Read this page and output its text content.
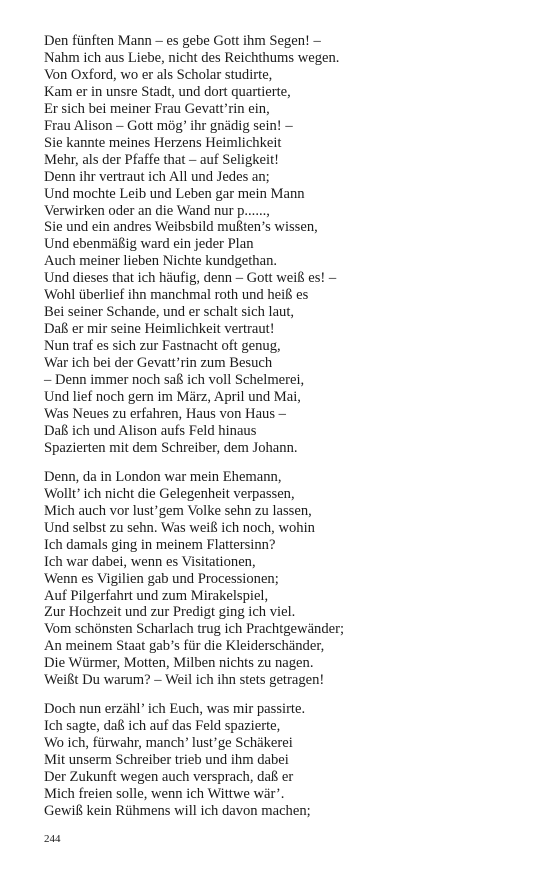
Den fünften Mann – es gebe Gott ihm Segen! –
Nahm ich aus Liebe, nicht des Reichthums wegen.
Von Oxford, wo er als Scholar studirte,
Kam er in unsre Stadt, und dort quartierte,
Er sich bei meiner Frau Gevatt’rin ein,
Frau Alison – Gott mög’ ihr gnädig sein! –
Sie kannte meines Herzens Heimlichkeit
Mehr, als der Pfaffe that – auf Seligkeit!
Denn ihr vertraut ich All und Jedes an;
Und mochte Leib und Leben gar mein Mann
Verwirken oder an die Wand nur p......,
Sie und ein andres Weibsbild mußten’s wissen,
Und ebenmäßig ward ein jeder Plan
Auch meiner lieben Nichte kundgethan.
Und dieses that ich häufig, denn – Gott weiß es! –
Wohl überlief ihn manchmal roth und heiß es
Bei seiner Schande, und er schalt sich laut,
Daß er mir seine Heimlichkeit vertraut!
Nun traf es sich zur Fastnacht oft genug,
War ich bei der Gevatt’rin zum Besuch
– Denn immer noch saß ich voll Schelmerei,
Und lief noch gern im März, April und Mai,
Was Neues zu erfahren, Haus von Haus –
Daß ich und Alison aufs Feld hinaus
Spazierten mit dem Schreiber, dem Johann.
Denn, da in London war mein Ehemann,
Wollt’ ich nicht die Gelegenheit verpassen,
Mich auch vor lust’gem Volke sehn zu lassen,
Und selbst zu sehn. Was weiß ich noch, wohin
Ich damals ging in meinem Flattersinn?
Ich war dabei, wenn es Visitationen,
Wenn es Vigilien gab und Processionen;
Auf Pilgerfahrt und zum Mirakelspiel,
Zur Hochzeit und zur Predigt ging ich viel.
Vom schönsten Scharlach trug ich Prachtgewänder;
An meinem Staat gab’s für die Kleiderschänder,
Die Würmer, Motten, Milben nichts zu nagen.
Weißt Du warum? – Weil ich ihn stets getragen!
Doch nun erzähl’ ich Euch, was mir passirte.
Ich sagte, daß ich auf das Feld spazierte,
Wo ich, fürwahr, manch’ lust’ge Schäkerei
Mit unserm Schreiber trieb und ihm dabei
Der Zukunft wegen auch versprach, daß er
Mich freien solle, wenn ich Wittwe wär’.
Gewiß kein Rühmens will ich davon machen;
244
